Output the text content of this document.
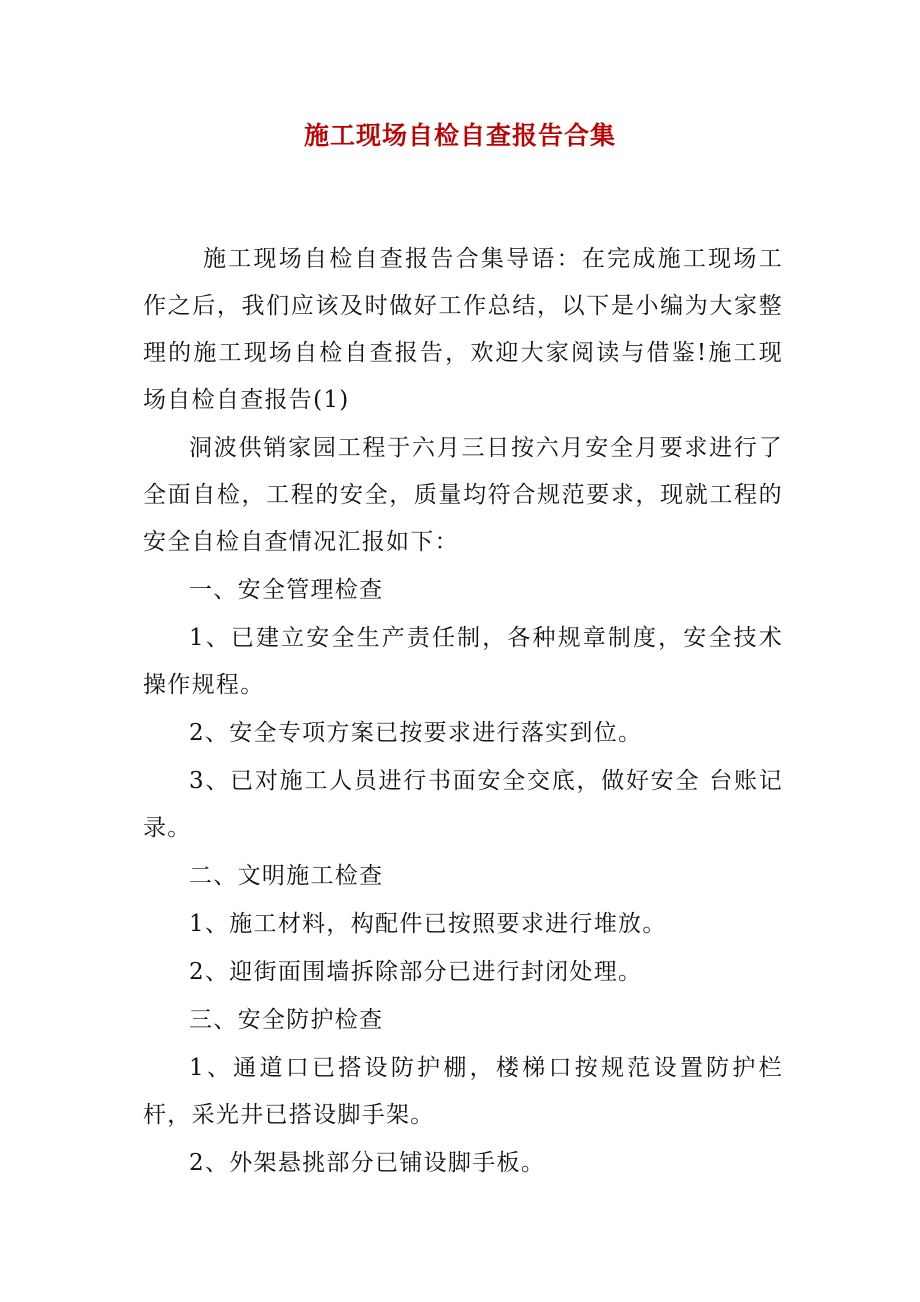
施工现场自检自查报告合集

施工现场自检自查报告合集导语：在完成施工现场工作之后，我们应该及时做好工作总结，以下是小编为大家整理的施工现场自检自查报告，欢迎大家阅读与借鉴!施工现场自检自查报告(1)

洞波供销家园工程于六月三日按六月安全月要求进行了全面自检，工程的安全，质量均符合规范要求，现就工程的安全自检自查情况汇报如下：

一、安全管理检查

1、已建立安全生产责任制，各种规章制度，安全技术操作规程。

2、安全专项方案已按要求进行落实到位。

3、已对施工人员进行书面安全交底，做好安全 台账记录。

二、文明施工检查

1、施工材料，构配件已按照要求进行堆放。

2、迎街面围墙拆除部分已进行封闭处理。

三、安全防护检查

1、通道口已搭设防护棚，楼梯口按规范设置防护栏杆，采光井已搭设脚手架。

2、外架悬挑部分已铺设脚手板。
